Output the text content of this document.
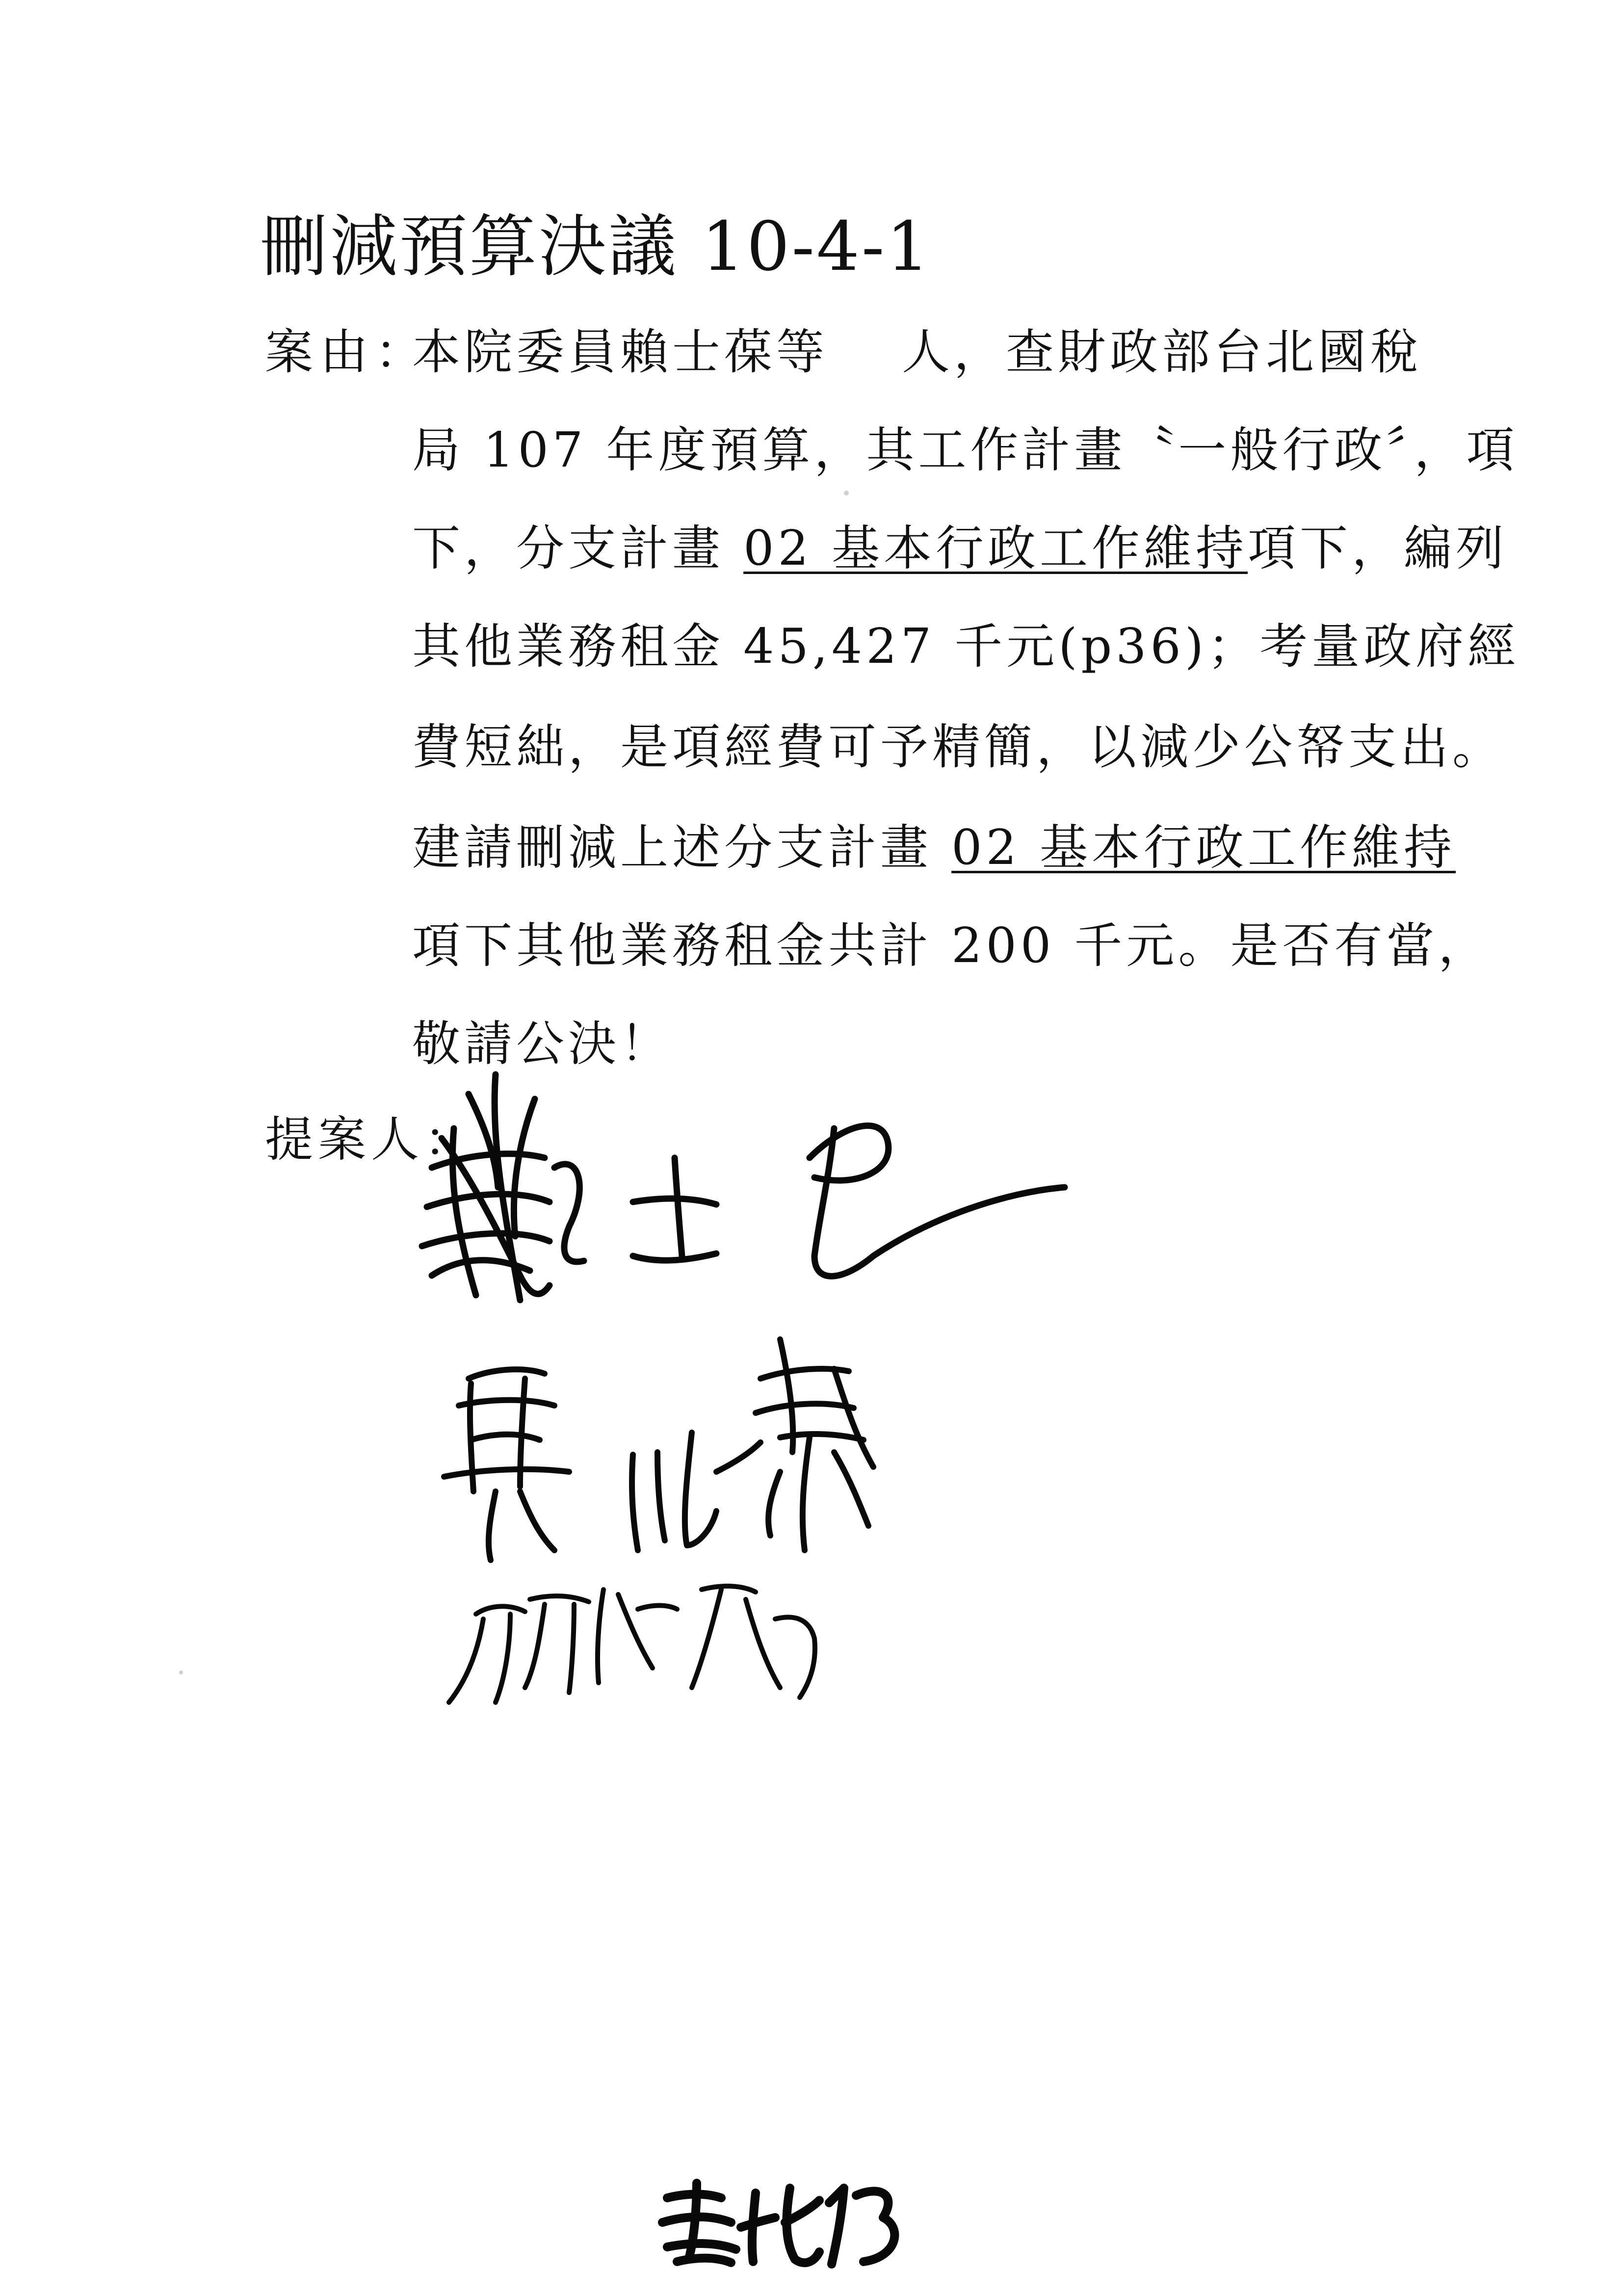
刪減預算決議 10-4-1
案由：
本院委員賴士葆等 人，查財政部台北國稅
局 107 年度預算，其工作計畫〝一般行政〞，項
下，分支計畫 02 基本行政工作維持項下，編列
其他業務租金 45,427 千元(p36)；考量政府經
費短絀，是項經費可予精簡，以減少公帑支出。
建請刪減上述分支計畫 02 基本行政工作維持
項下其他業務租金共計 200 千元。是否有當，
敬請公決！
提案人：
